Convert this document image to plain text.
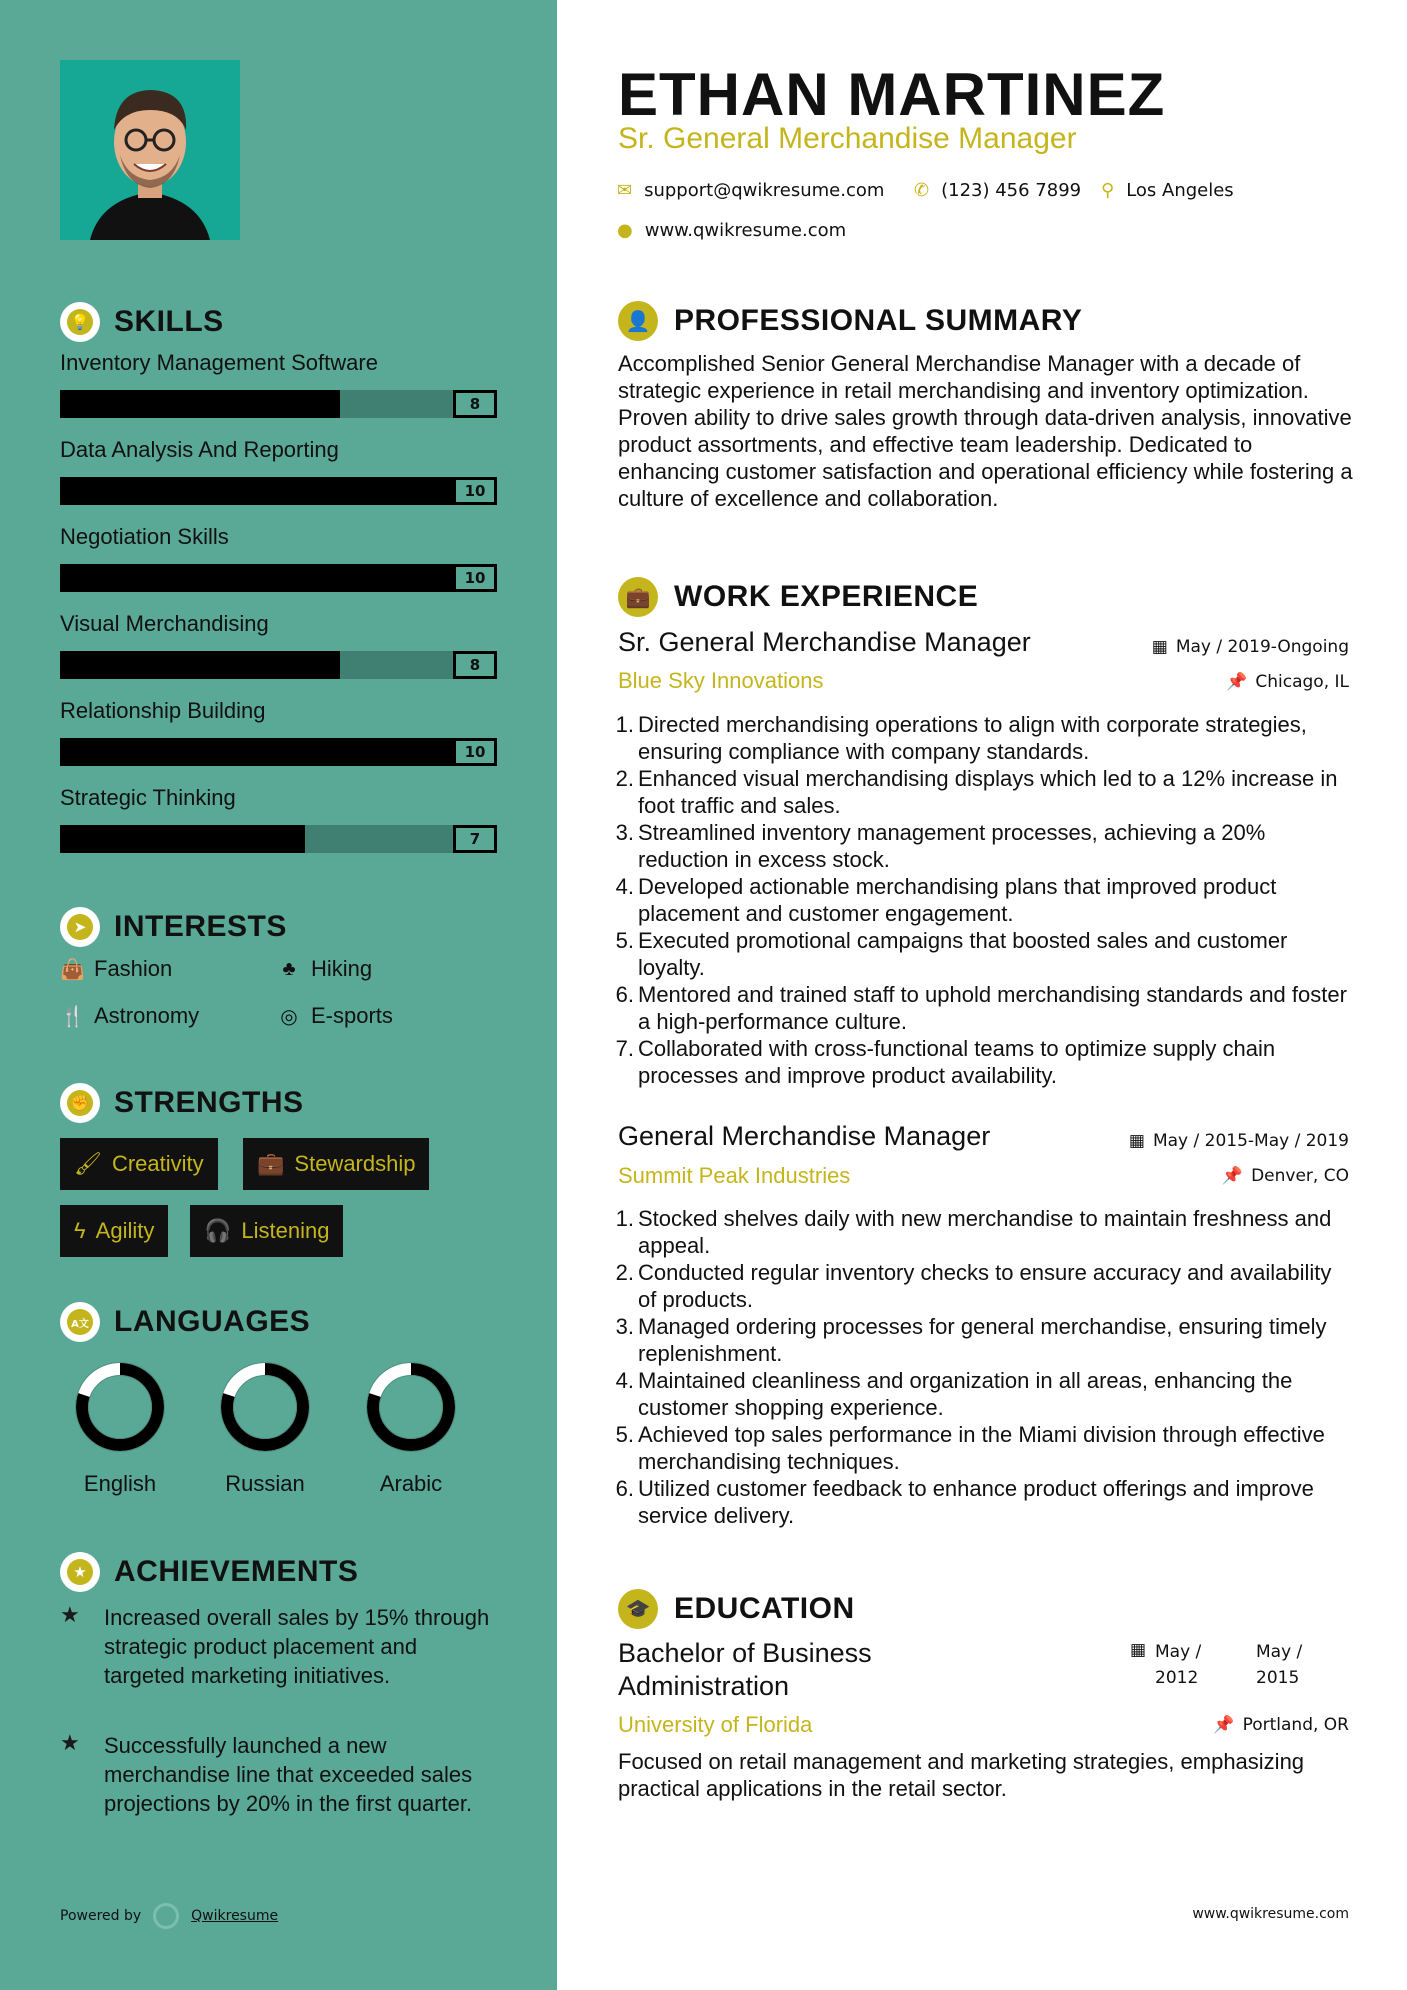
💡 SKILLS
Inventory Management Software
8
Data Analysis And Reporting
10
Negotiation Skills
10
Visual Merchandising
8
Relationship Building
10
Strategic Thinking
7
➤ INTERESTS
👜 Fashion	♣ Hiking
🍴 Astronomy	◎ E-sports
✊ STRENGTHS
🖌 Creativity 💼 Stewardship
ϟ Agility 🎧 Listening
A文 LANGUAGES
English	Russian	Arabic
★ ACHIEVEMENTS
★	Increased overall sales by 15% through strategic product placement and targeted marketing initiatives.
★	Successfully launched a new merchandise line that exceeded sales projections by 20% in the first quarter.
Powered by	Qwikresume
ETHAN MARTINEZ
Sr. General Merchandise Manager
✉ support@qwikresume.com ✆ (123) 456 7899 ⚲ Los Angeles
● www.qwikresume.com
👤 PROFESSIONAL SUMMARY
Accomplished Senior General Merchandise Manager with a decade of strategic experience in retail merchandising and inventory optimization. Proven ability to drive sales growth through data-driven analysis, innovative product assortments, and effective team leadership. Dedicated to enhancing customer satisfaction and operational efficiency while fostering a culture of excellence and collaboration.
💼 WORK EXPERIENCE
Sr. General Merchandise Manager	▦ May / 2019-Ongoing
Blue Sky Innovations	📌 Chicago, IL
1. Directed merchandising operations to align with corporate strategies, ensuring compliance with company standards.
2. Enhanced visual merchandising displays which led to a 12% increase in foot traffic and sales.
3. Streamlined inventory management processes, achieving a 20% reduction in excess stock.
4. Developed actionable merchandising plans that improved product placement and customer engagement.
5. Executed promotional campaigns that boosted sales and customer loyalty.
6. Mentored and trained staff to uphold merchandising standards and foster a high-performance culture.
7. Collaborated with cross-functional teams to optimize supply chain processes and improve product availability.
General Merchandise Manager	▦ May / 2015-May / 2019
Summit Peak Industries	📌 Denver, CO
1. Stocked shelves daily with new merchandise to maintain freshness and appeal.
2. Conducted regular inventory checks to ensure accuracy and availability of products.
3. Managed ordering processes for general merchandise, ensuring timely replenishment.
4. Maintained cleanliness and organization in all areas, enhancing the customer shopping experience.
5. Achieved top sales performance in the Miami division through effective merchandising techniques.
6. Utilized customer feedback to enhance product offerings and improve service delivery.
🎓 EDUCATION
Bachelor of Business Administration
▦ May / 2012
May / 2015
University of Florida	📌 Portland, OR
Focused on retail management and marketing strategies, emphasizing practical applications in the retail sector.
www.qwikresume.com
